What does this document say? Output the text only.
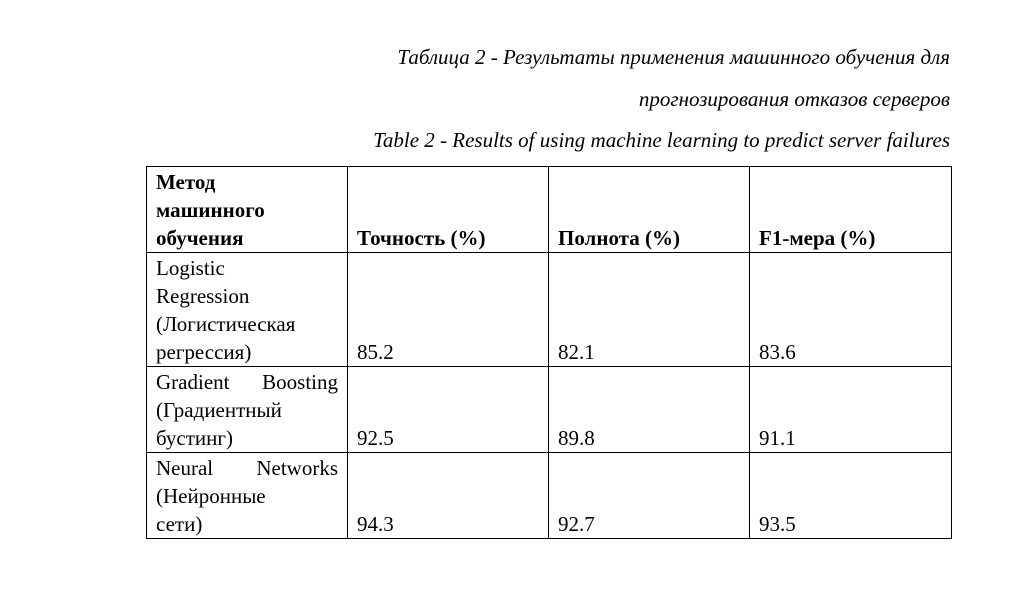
Таблица 2 - Результаты применения машинного обучения для
прогнозирования отказов серверов
Table 2 - Results of using machine learning to predict server failures
Метод
машинного
обучения	Точность (%)	Полнота (%)	F1-мера (%)

Logistic
Regression
(Логистическая
регрессия)	85.2	82.1	83.6

Gradient Boosting
(Градиентный
бустинг)	92.5	89.8	91.1

Neural Networks
(Нейронные
сети)	94.3	92.7	93.5
